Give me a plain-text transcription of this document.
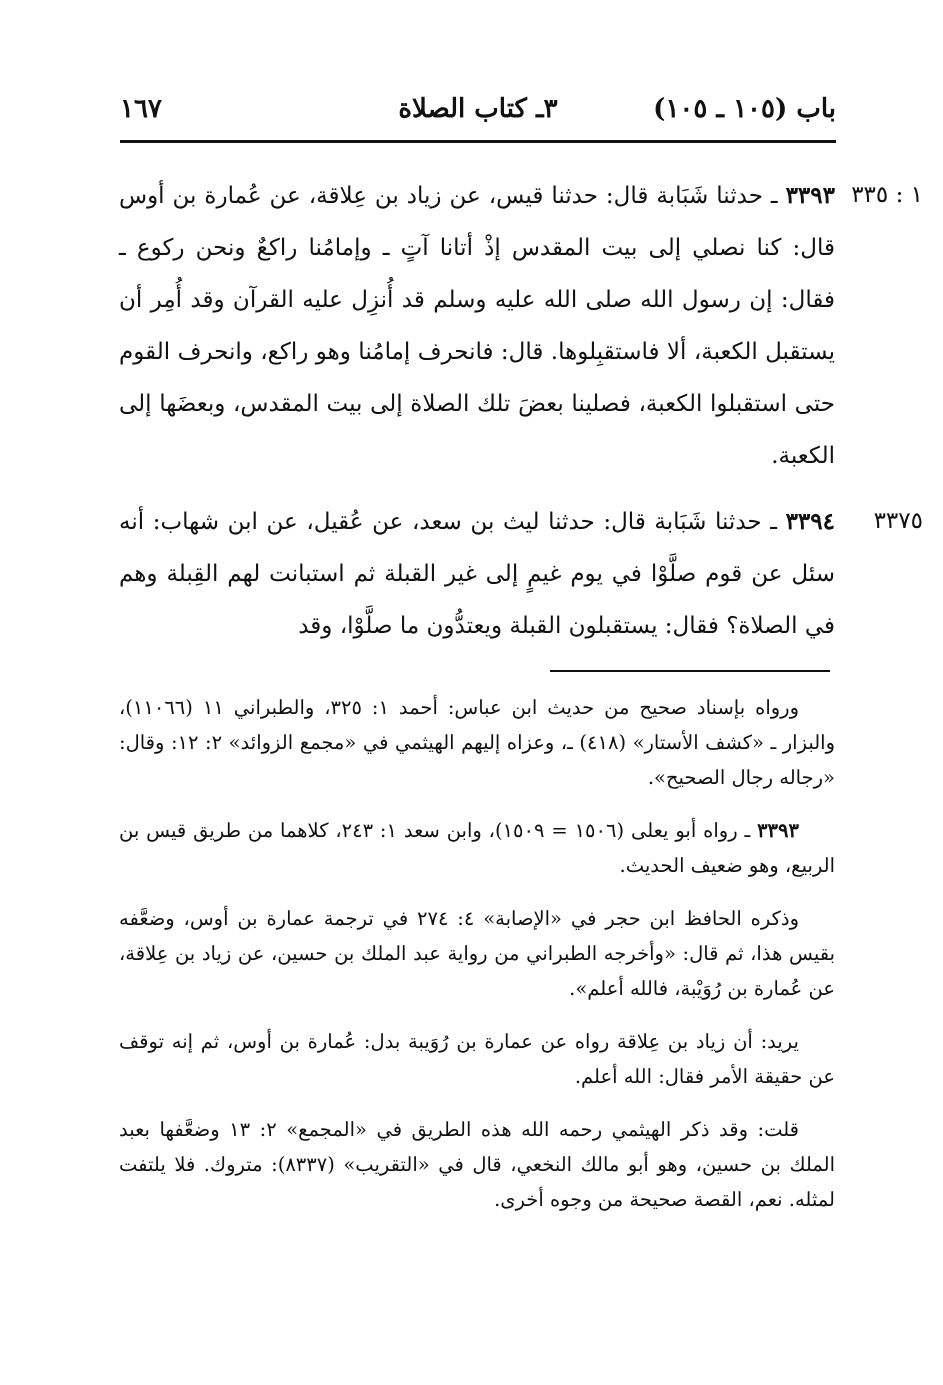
باب (١٠٥ ـ ١٠٥)
٣ـ كتاب الصلاة
١٦٧
١ : ٣٣٥
٣٣٧٥
٣٣٩٣ ـ حدثنا شَبَابة قال: حدثنا قيس، عن زياد بن عِلاقة، عن عُمارة بن أوس قال: كنا نصلي إلى بيت المقدس إذْ أتانا آتٍ ـ وإمامُنا راكعٌ ونحن ركوع ـ فقال: إن رسول الله صلى الله عليه وسلم قد أُنزِل عليه القرآن وقد أُمِر أن يستقبل الكعبة، ألا فاستقبِلوها. قال: فانحرف إمامُنا وهو راكع، وانحرف القوم حتى استقبلوا الكعبة، فصلينا بعضَ تلك الصلاة إلى بيت المقدس، وبعضَها إلى الكعبة.
٣٣٩٤ ـ حدثنا شَبَابة قال: حدثنا ليث بن سعد، عن عُقيل، عن ابن شهاب: أنه سئل عن قوم صلَّوْا في يوم غيمٍ إلى غير القبلة ثم استبانت لهم القِبلة وهم في الصلاة؟ فقال: يستقبلون القبلة ويعتدُّون ما صلَّوْا، وقد

ورواه بإسناد صحيح من حديث ابن عباس: أحمد ١: ٣٢٥، والطبراني ١١ (١١٠٦٦)، والبزار ـ «كشف الأستار» (٤١٨) ـ، وعزاه إليهم الهيثمي في «مجمع الزوائد» ٢: ١٢: وقال: «رجاله رجال الصحيح».

٣٣٩٣ ـ رواه أبو يعلى (١٥٠٦ = ١٥٠٩)، وابن سعد ١: ٢٤٣، كلاهما من طريق قيس بن الربيع، وهو ضعيف الحديث.

وذكره الحافظ ابن حجر في «الإصابة» ٤: ٢٧٤ في ترجمة عمارة بن أوس، وضعَّفه بقيس هذا، ثم قال: «وأخرجه الطبراني من رواية عبد الملك بن حسين، عن زياد بن عِلاقة، عن عُمارة بن رُوَيْبة، فالله أعلم».

يريد: أن زياد بن عِلاقة رواه عن عمارة بن رُوَيبة بدل: عُمارة بن أوس، ثم إنه توقف عن حقيقة الأمر فقال: الله أعلم.

قلت: وقد ذكر الهيثمي رحمه الله هذه الطريق في «المجمع» ٢: ١٣ وضعَّفها بعبد الملك بن حسين، وهو أبو مالك النخعي، قال في «التقريب» (٨٣٣٧): متروك. فلا يلتفت لمثله. نعم، القصة صحيحة من وجوه أخرى.
